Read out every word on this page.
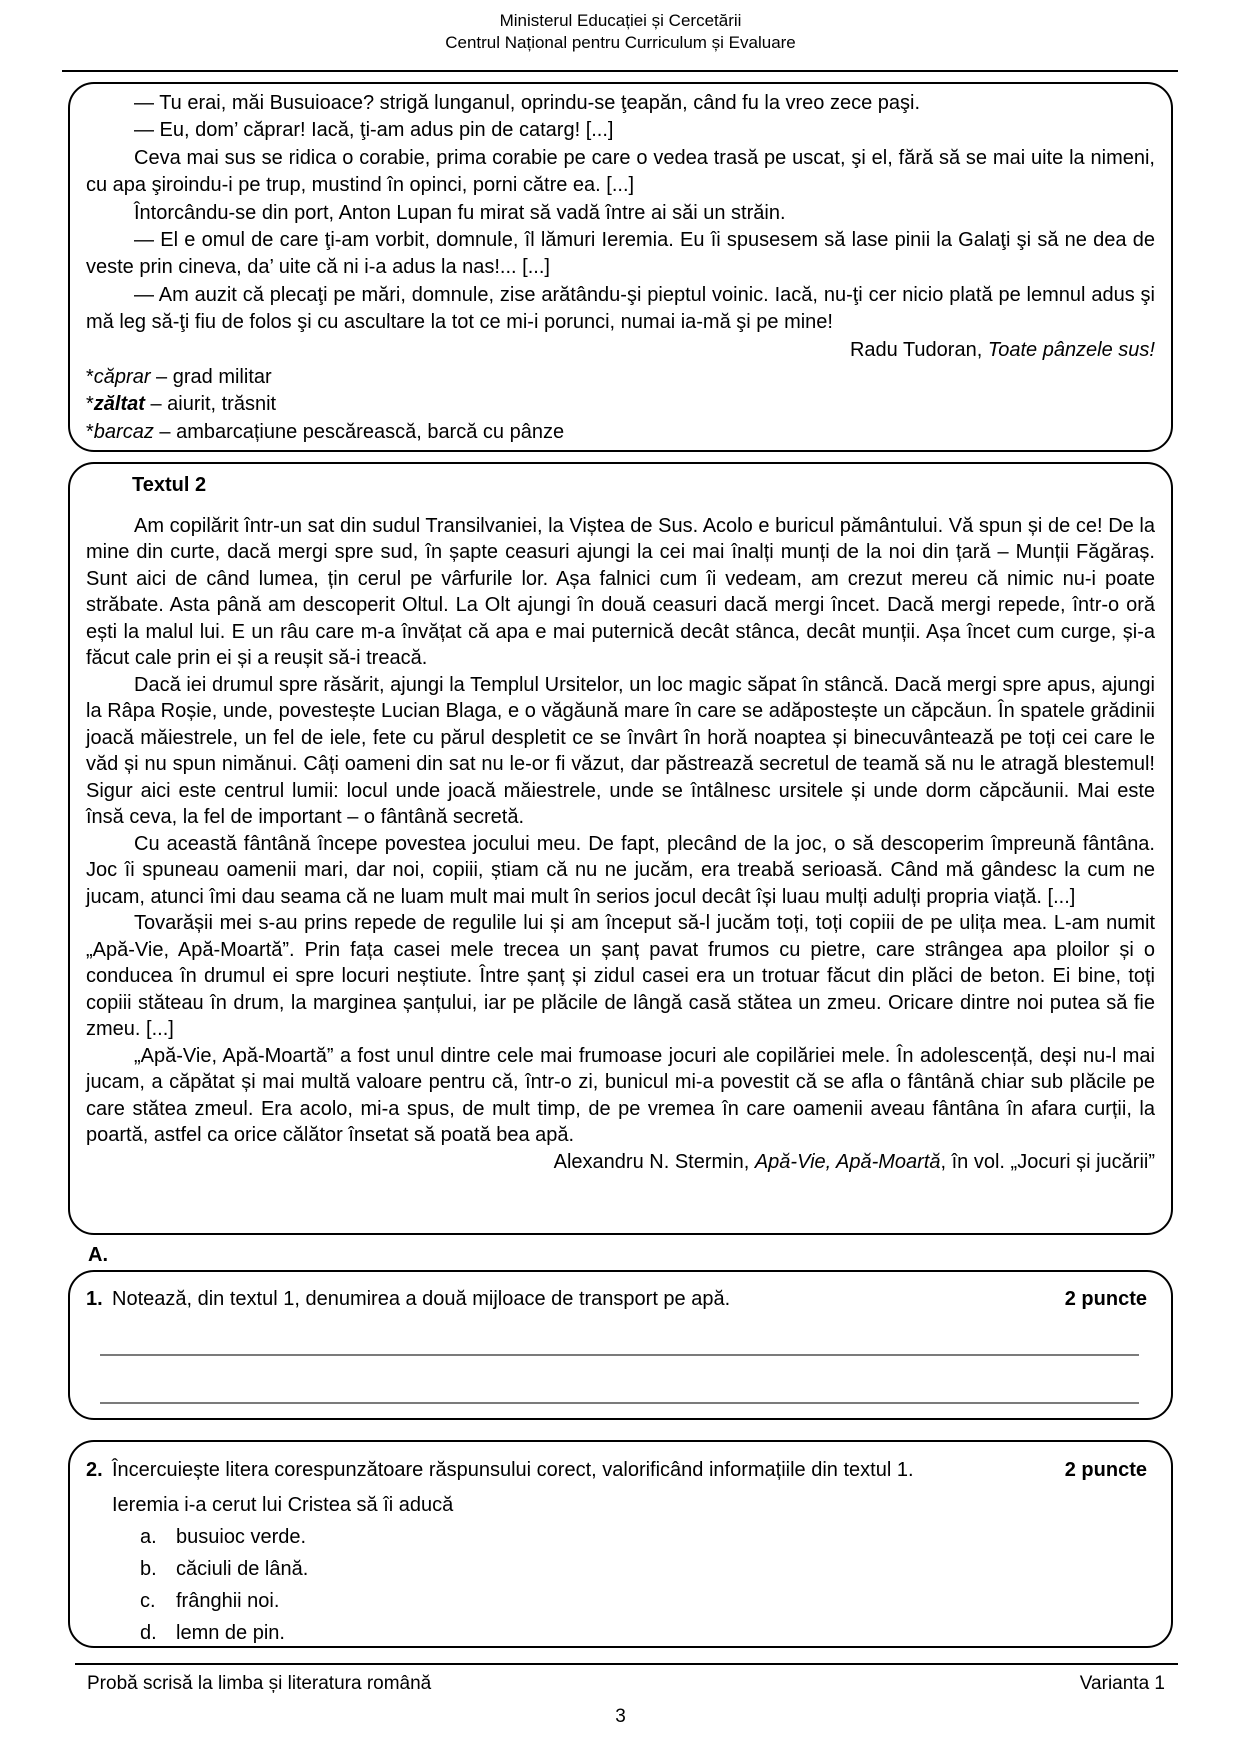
Ministerul Educației și Cercetării
Centrul Național pentru Curriculum și Evaluare

— Tu erai, măi Busuioace? strigă lunganul, oprindu-se ţeapăn, când fu la vreo zece paşi.

— Eu, dom’ căprar! Iacă, ţi-am adus pin de catarg! [...]

Ceva mai sus se ridica o corabie, prima corabie pe care o vedea trasă pe uscat, şi el, fără să se mai uite la nimeni, cu apa şiroindu-i pe trup, mustind în opinci, porni către ea. [...]

Întorcându-se din port, Anton Lupan fu mirat să vadă între ai săi un străin.

— El e omul de care ţi-am vorbit, domnule, îl lămuri Ieremia. Eu îi spusesem să lase pinii la Galaţi şi să ne dea de veste prin cineva, da’ uite că ni i-a adus la nas!... [...]

— Am auzit că plecaţi pe mări, domnule, zise arătându-şi pieptul voinic. Iacă, nu-ţi cer nicio plată pe lemnul adus şi mă leg să-ţi fiu de folos şi cu ascultare la tot ce mi-i porunci, numai ia-mă şi pe mine!

Radu Tudoran, Toate pânzele sus!

*căprar – grad militar

*zăltat – aiurit, trăsnit

*barcaz – ambarcațiune pescărească, barcă cu pânze

Textul 2

Am copilărit într-un sat din sudul Transilvaniei, la Viștea de Sus. Acolo e buricul pământului. Vă spun și de ce! De la mine din curte, dacă mergi spre sud, în șapte ceasuri ajungi la cei mai înalți munți de la noi din țară – Munții Făgăraș. Sunt aici de când lumea, țin cerul pe vârfurile lor. Așa falnici cum îi vedeam, am crezut mereu că nimic nu-i poate străbate. Asta până am descoperit Oltul. La Olt ajungi în două ceasuri dacă mergi încet. Dacă mergi repede, într-o oră ești la malul lui. E un râu care m-a învățat că apa e mai puternică decât stânca, decât munții. Așa încet cum curge, și-a făcut cale prin ei și a reușit să-i treacă.

Dacă iei drumul spre răsărit, ajungi la Templul Ursitelor, un loc magic săpat în stâncă. Dacă mergi spre apus, ajungi la Râpa Roșie, unde, povestește Lucian Blaga, e o văgăună mare în care se adăpostește un căpcăun. În spatele grădinii joacă măiestrele, un fel de iele, fete cu părul despletit ce se învârt în horă noaptea și binecuvântează pe toți cei care le văd și nu spun nimănui. Câți oameni din sat nu le-or fi văzut, dar păstrează secretul de teamă să nu le atragă blestemul! Sigur aici este centrul lumii: locul unde joacă măiestrele, unde se întâlnesc ursitele și unde dorm căpcăunii. Mai este însă ceva, la fel de important – o fântână secretă.

Cu această fântână începe povestea jocului meu. De fapt, plecând de la joc, o să descoperim împreună fântâna. Joc îi spuneau oamenii mari, dar noi, copiii, știam că nu ne jucăm, era treabă serioasă. Când mă gândesc la cum ne jucam, atunci îmi dau seama că ne luam mult mai mult în serios jocul decât își luau mulți adulți propria viață. [...]

Tovarășii mei s-au prins repede de regulile lui și am început să-l jucăm toți, toți copiii de pe ulița mea. L-am numit „Apă-Vie, Apă-Moartă”. Prin fața casei mele trecea un șanț pavat frumos cu pietre, care strângea apa ploilor și o conducea în drumul ei spre locuri neștiute. Între șanț și zidul casei era un trotuar făcut din plăci de beton. Ei bine, toți copiii stăteau în drum, la marginea șanțului, iar pe plăcile de lângă casă stătea un zmeu. Oricare dintre noi putea să fie zmeu. [...]

„Apă-Vie, Apă-Moartă” a fost unul dintre cele mai frumoase jocuri ale copilăriei mele. În adolescență, deși nu-l mai jucam, a căpătat și mai multă valoare pentru că, într-o zi, bunicul mi-a povestit că se afla o fântână chiar sub plăcile pe care stătea zmeul. Era acolo, mi-a spus, de mult timp, de pe vremea în care oamenii aveau fântâna în afara curții, la poartă, astfel ca orice călător însetat să poată bea apă.

Alexandru N. Stermin, Apă-Vie, Apă-Moartă, în vol. „Jocuri și jucării”

A.
1. Notează, din textul 1, denumirea a două mijloace de transport pe apă.	2 puncte
2. Încercuiește litera corespunzătoare răspunsului corect, valorificând informațiile din textul 1.	2 puncte
Ieremia i-a cerut lui Cristea să îi aducă
a. busuioc verde.
b. căciuli de lână.
c.	frânghii noi.
d. lemn de pin.
Probă scrisă la limba și literatura română	Varianta 1
3
